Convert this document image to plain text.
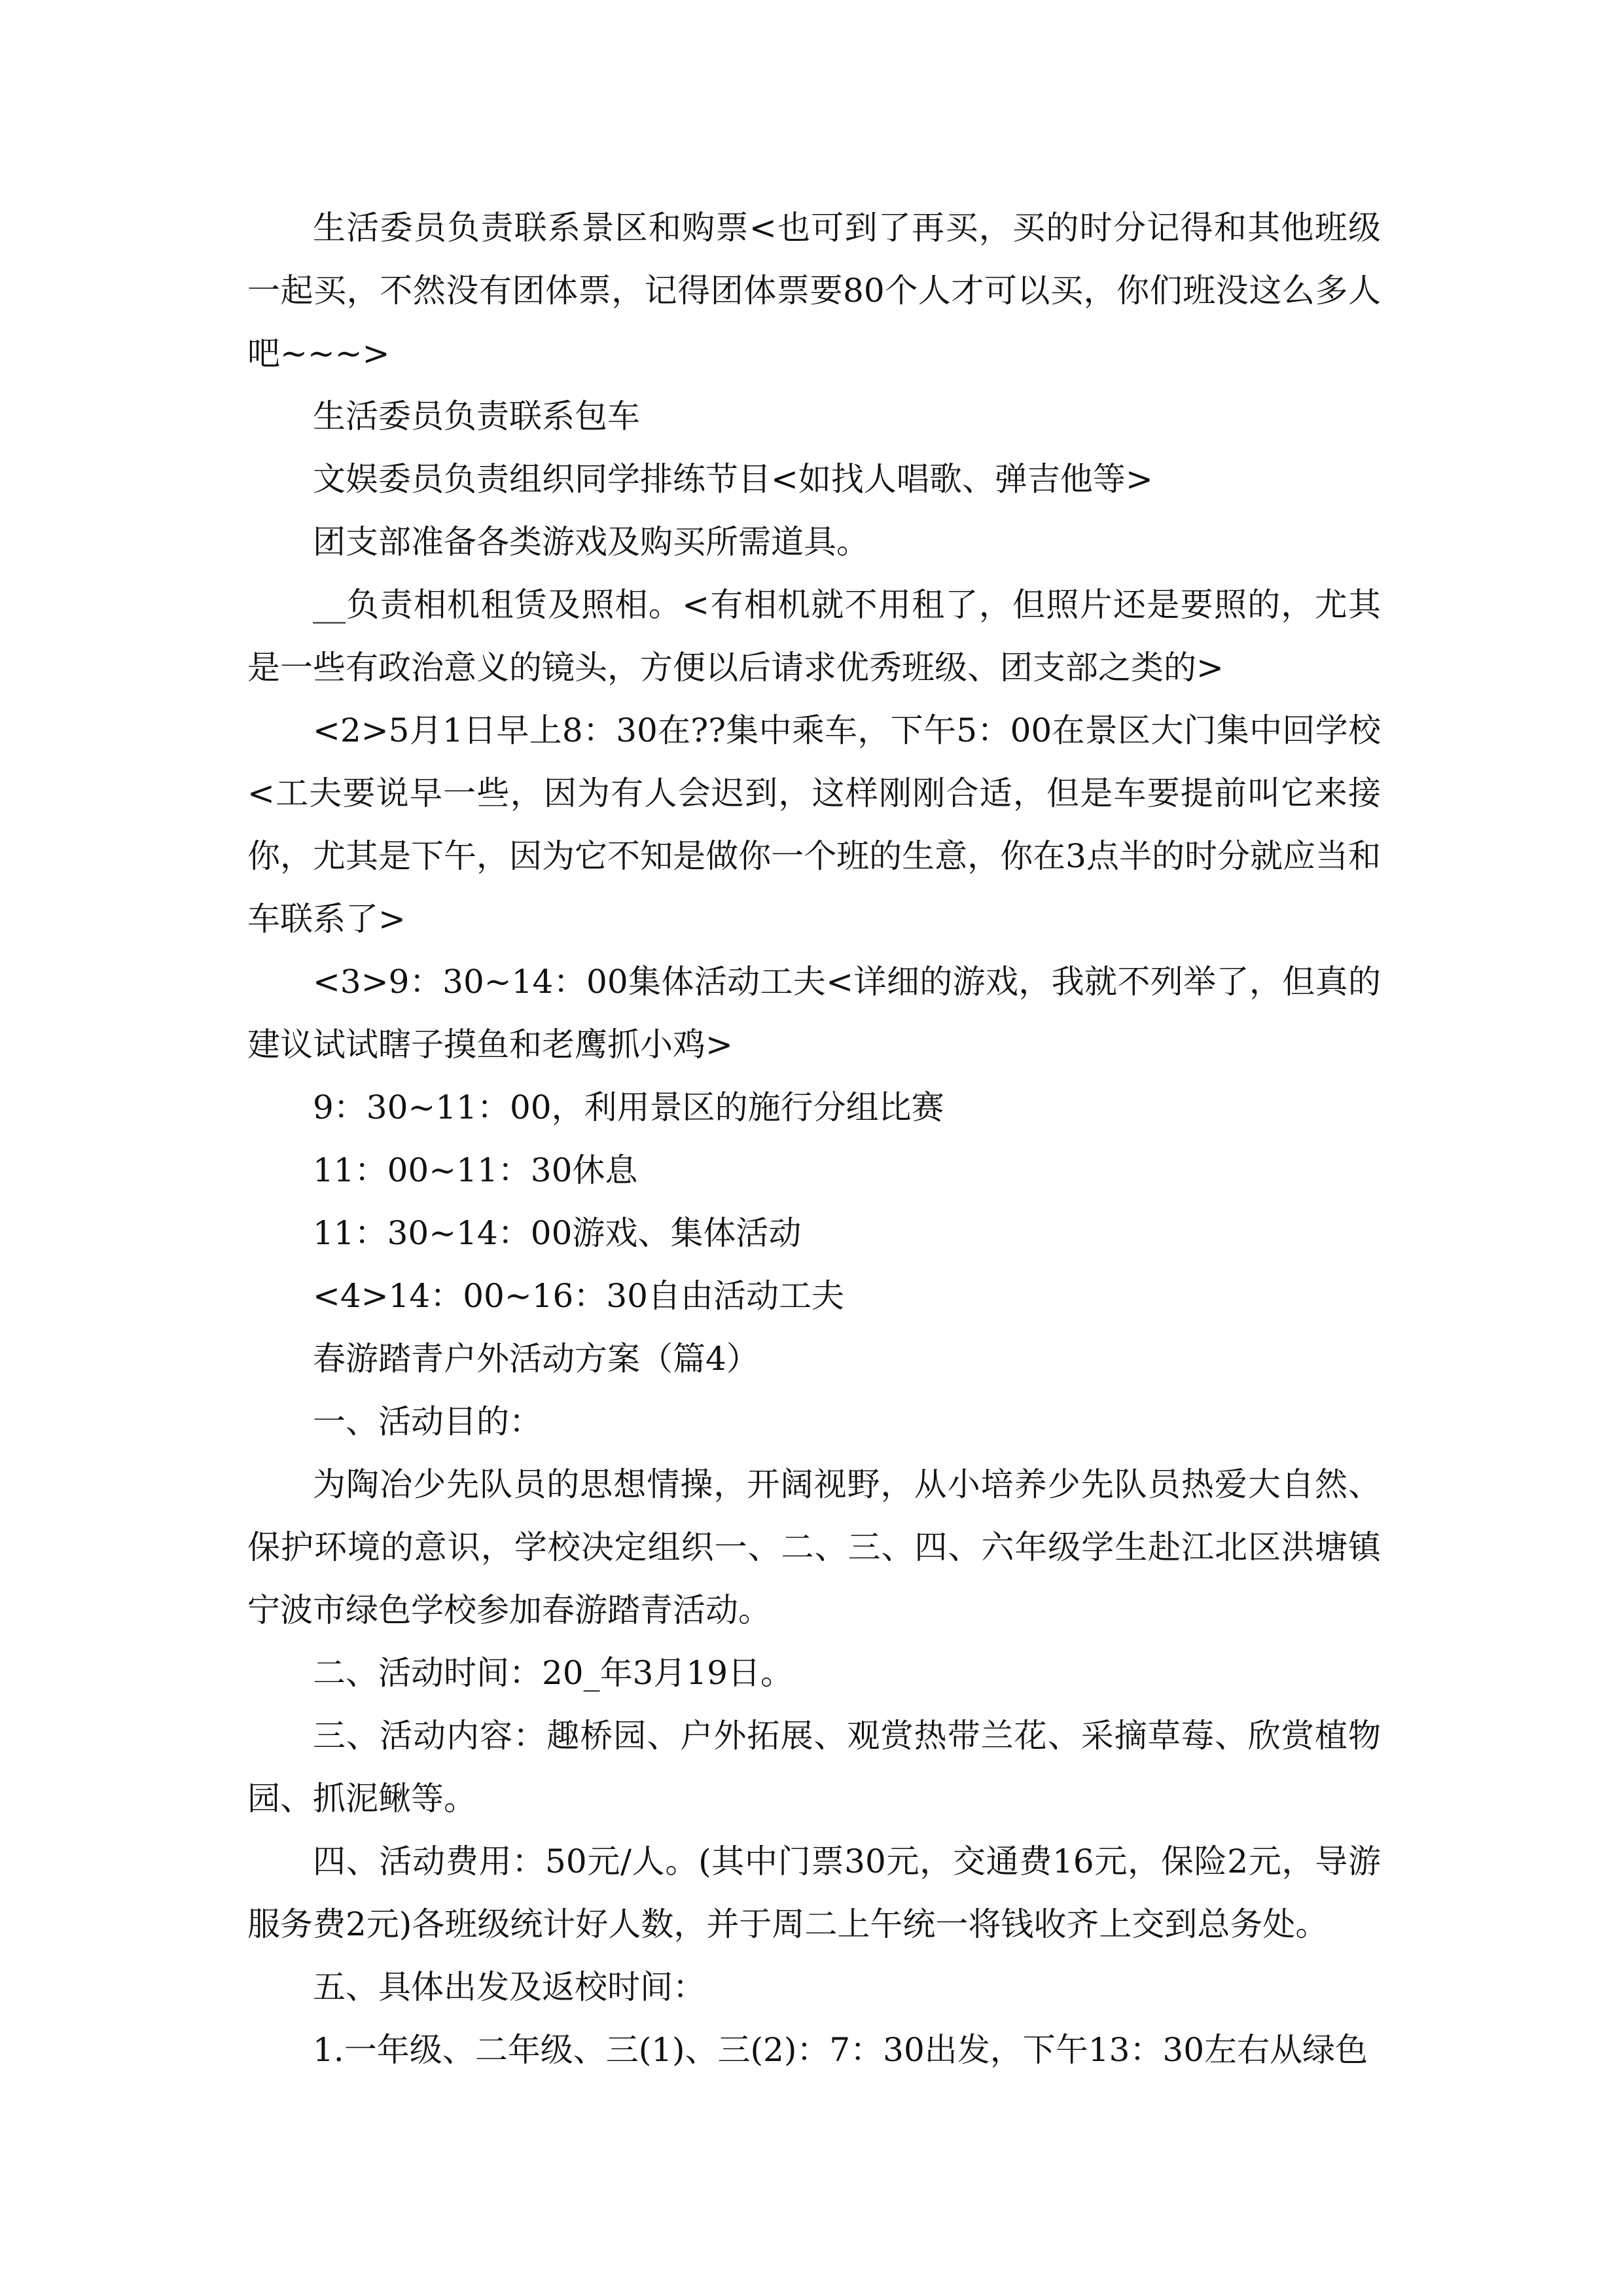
生活委员负责联系景区和购票<也可到了再买，买的时分记得和其他班级一起买，不然没有团体票，记得团体票要80个人才可以买，你们班没这么多人吧~~~>

生活委员负责联系包车

文娱委员负责组织同学排练节目<如找人唱歌、弹吉他等>

团支部准备各类游戏及购买所需道具。

__负责相机租赁及照相。<有相机就不用租了，但照片还是要照的，尤其是一些有政治意义的镜头，方便以后请求优秀班级、团支部之类的>

<2>5月1日早上8：30在??集中乘车，下午5：00在景区大门集中回学校<工夫要说早一些，因为有人会迟到，这样刚刚合适，但是车要提前叫它来接你，尤其是下午，因为它不知是做你一个班的生意，你在3点半的时分就应当和车联系了>

<3>9：30~14：00集体活动工夫<详细的游戏，我就不列举了，但真的建议试试瞎子摸鱼和老鹰抓小鸡>

9：30~11：00，利用景区的施行分组比赛

11：00~11：30休息

11：30~14：00游戏、集体活动

<4>14：00~16：30自由活动工夫

春游踏青户外活动方案（篇4）

一、活动目的：

为陶冶少先队员的思想情操，开阔视野，从小培养少先队员热爱大自然、保护环境的意识，学校决定组织一、二、三、四、六年级学生赴江北区洪塘镇宁波市绿色学校参加春游踏青活动。

二、活动时间：20_年3月19日。

三、活动内容：趣桥园、户外拓展、观赏热带兰花、采摘草莓、欣赏植物园、抓泥鳅等。

四、活动费用：50元/人。(其中门票30元，交通费16元，保险2元，导游服务费2元)各班级统计好人数，并于周二上午统一将钱收齐上交到总务处。

五、具体出发及返校时间：

1.一年级、二年级、三(1)、三(2)：7：30出发，下午13：30左右从绿色
